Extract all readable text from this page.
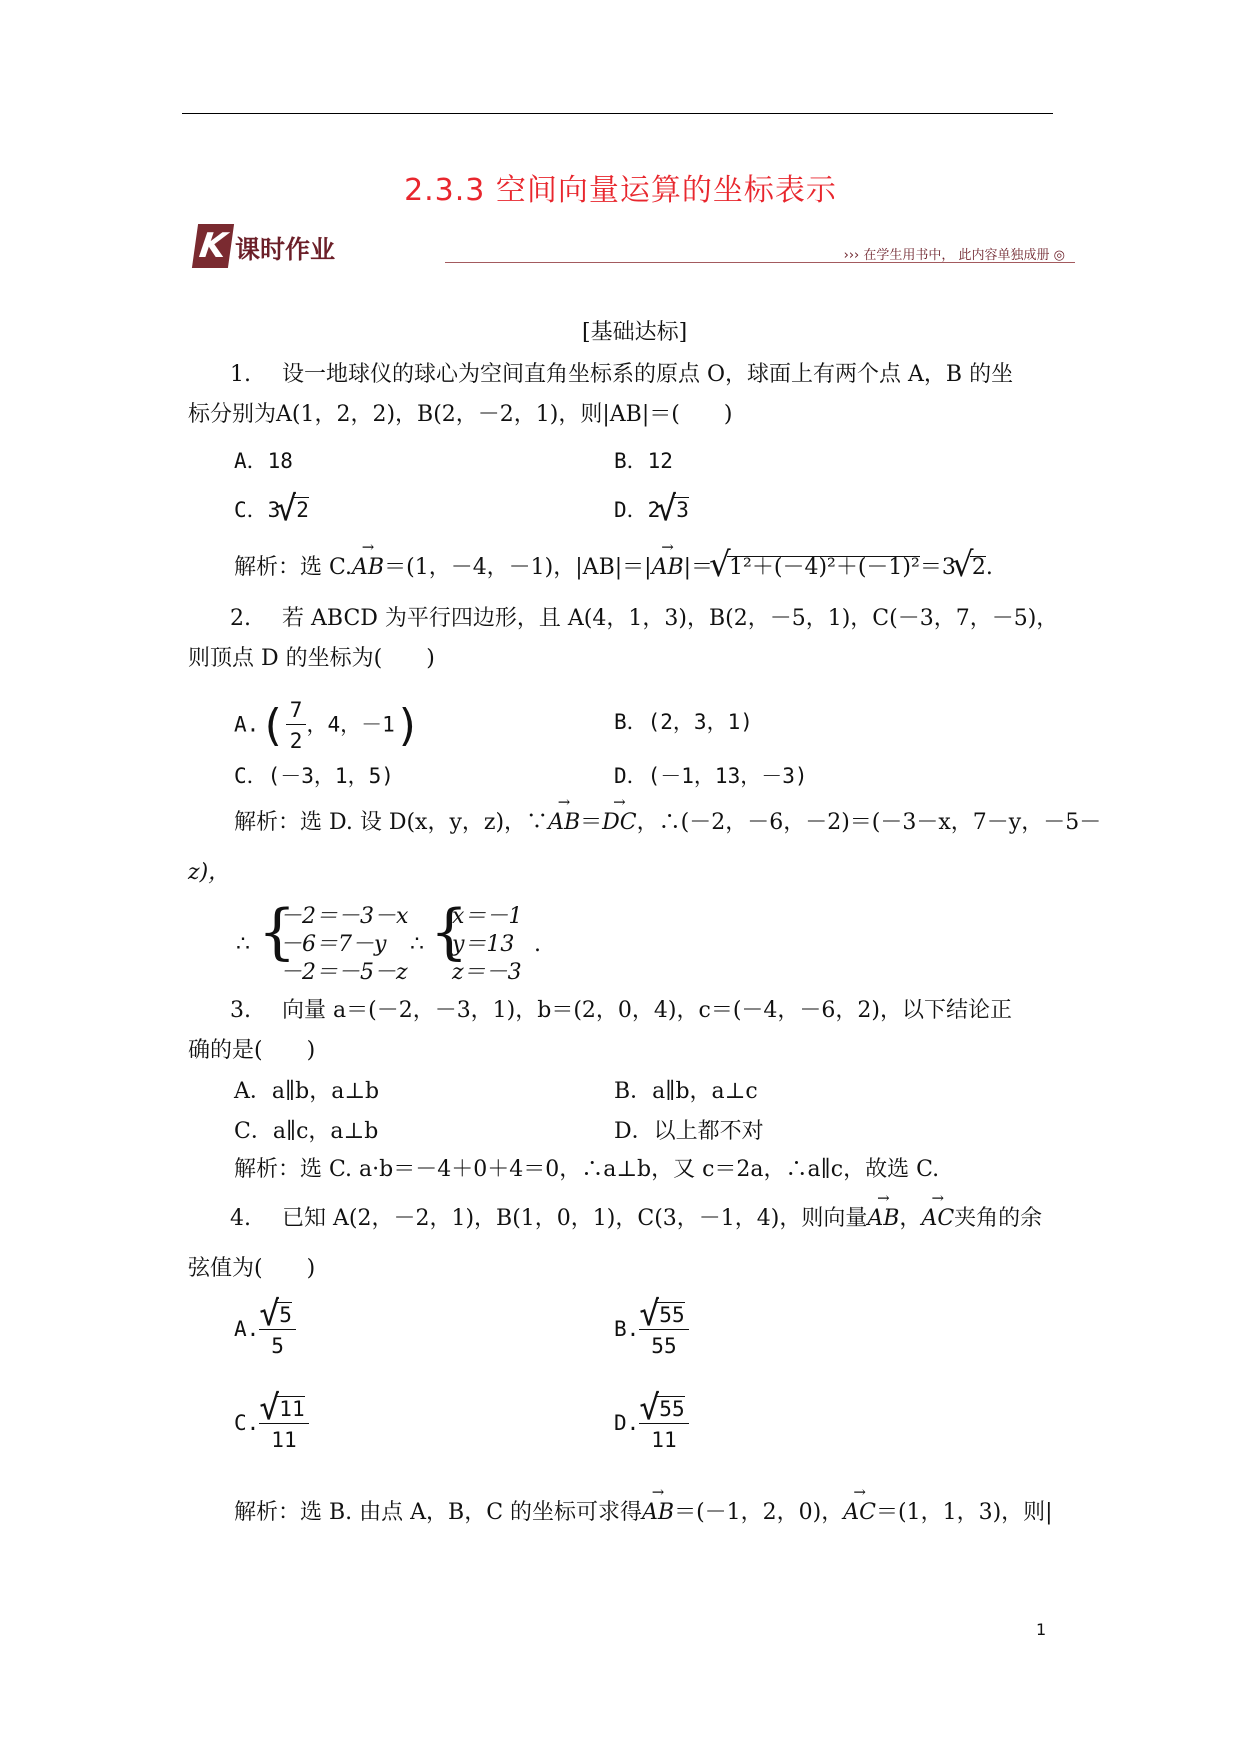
2.3.3 空间向量运算的坐标表示
K 课时作业	››› 在学生用书中， 此内容单独成册 ◎
[基础达标]
1. 设一地球仪的球心为空间直角坐标系的原点 O，球面上有两个点 A，B 的坐
标分别为A(1，2，2)，B(2，－2，1)，则|AB|＝(　　)
A．18	B．12
C．3 √ 2	D．2 √ 3
解析：选 C.→ AB＝(1，－4，－1)，|AB|＝|→ AB|＝ √ 1²＋(－4)²＋(－1)²＝3 √ 2.
2. 若 ABCD 为平行四边形，且 A(4，1，3)，B(2，－5，1)，C(－3，7，－5)，
则顶点 D 的坐标为(　　)
$A.( \frac{7}{2}$ ，4，－1)	B．(2，3，1)
C．(－3，1，5)	D．(－1，13，－3)
解析：选 D. 设 D(x，y，z)，∵→ AB＝→ DC，∴(－2，－6，－2)＝(－3－x，7－y，－5－
z)，
∴ {
－2＝－3－x
－6＝7－y
－2＝－5－z
∴ {
x＝－1
y＝13
z＝－3
.
3. 向量 a＝(－2，－3，1)，b＝(2，0，4)，c＝(－4，－6，2)，以下结论正
确的是(　　)
A．a∥b，a⊥b	B．a∥b，a⊥c
C．a∥c，a⊥b	D．以上都不对
解析：选 C. a·b＝－4＋0＋4＝0，∴a⊥b，又 c＝2a，∴a∥c，故选 C.
4. 已知 A(2，－2，1)，B(1，0，1)，C(3，－1，4)，则向量→ AB，→ AC夹角的余
弦值为(　　)
A. √ $\frac{5}{5}$	B. √ $\frac{55}{55}$
C. √ $\frac{11}{11}$	D. √ $\frac{55}{11}$
解析：选 B. 由点 A，B，C 的坐标可求得→ AB＝(－1，2，0)，→ AC＝(1，1，3)，则|
1
